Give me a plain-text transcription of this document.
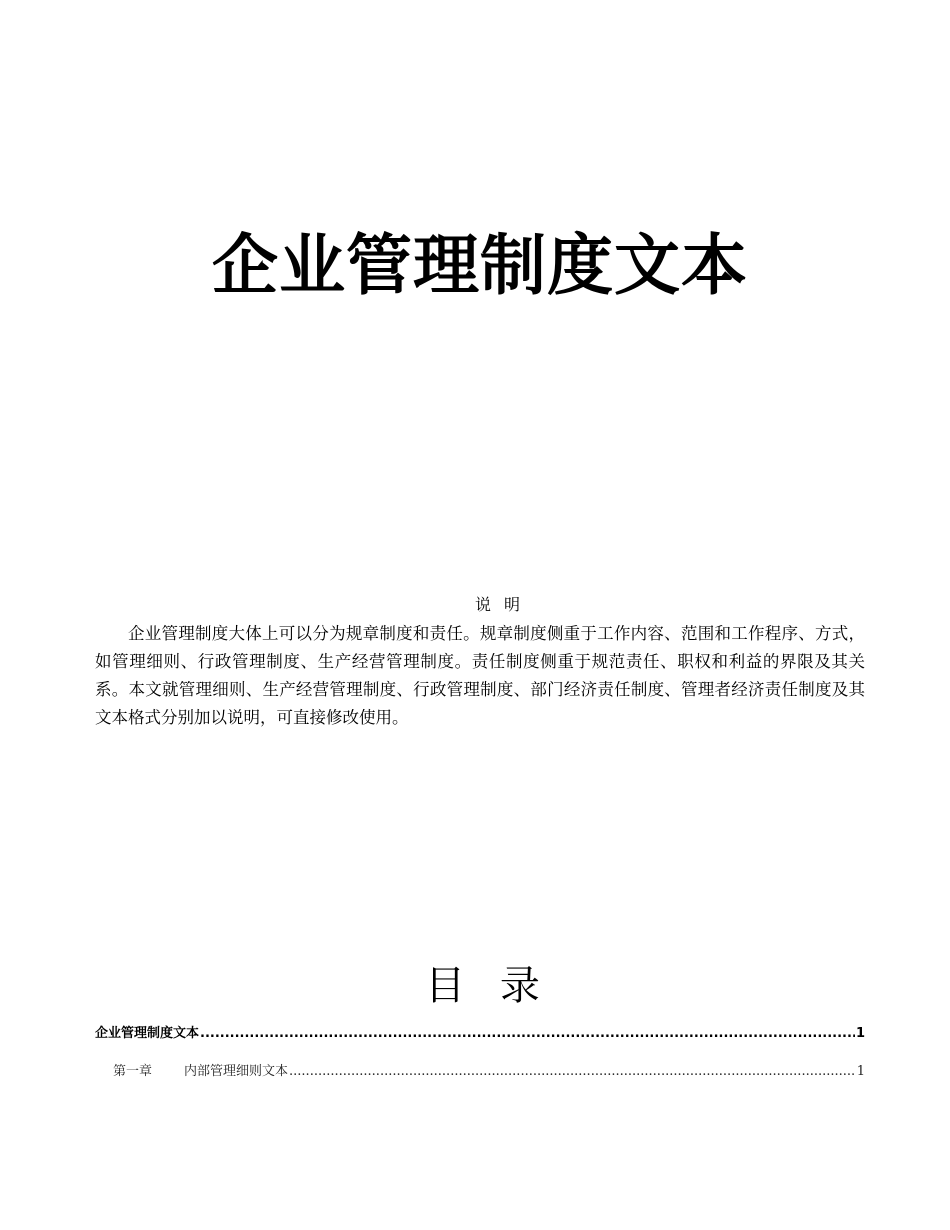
企业管理制度文本
说 明

企业管理制度大体上可以分为规章制度和责任。规章制度侧重于工作内容、范围和工作程序、方式，如管理细则、行政管理制度、生产经营管理制度。责任制度侧重于规范责任、职权和利益的界限及其关系。本文就管理细则、生产经营管理制度、行政管理制度、部门经济责任制度、管理者经济责任制度及其文本格式分别加以说明，可直接修改使用。

目 录
企业管理制度文本 .....	1
第一章 内部管理细则文本 .....	1
